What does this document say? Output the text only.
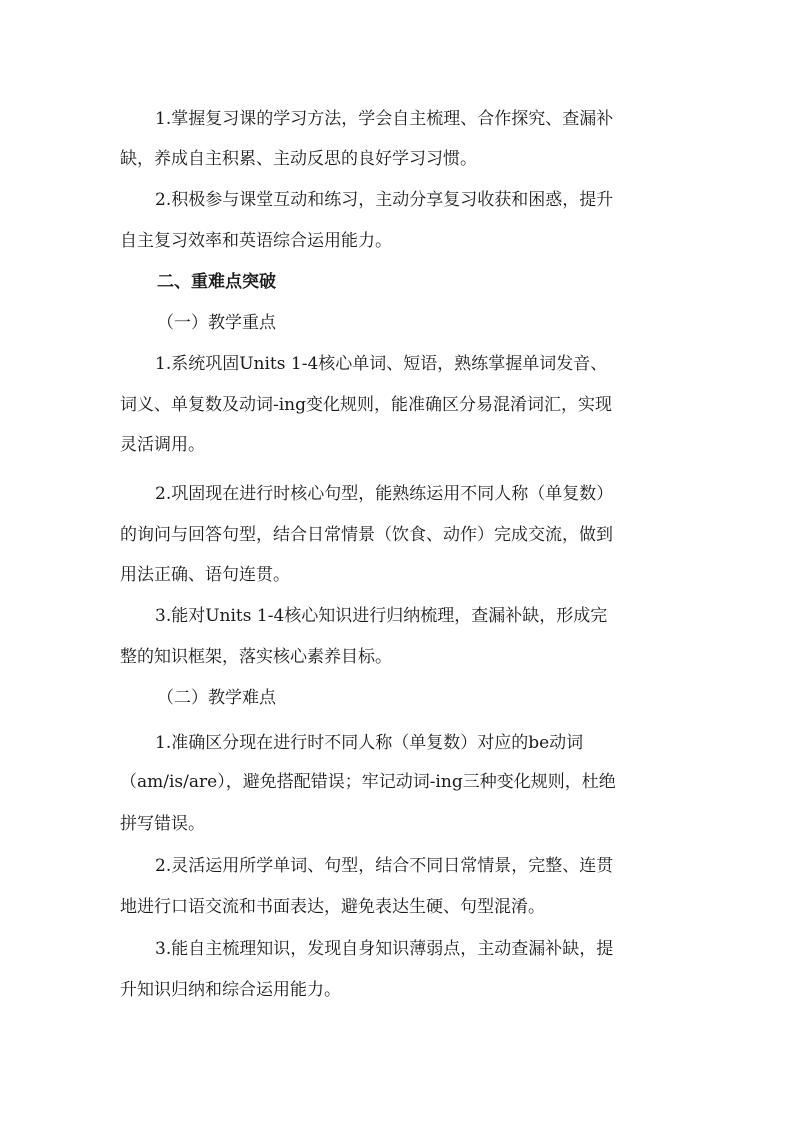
1.掌握复习课的学习方法，学会自主梳理、合作探究、查漏补
缺，养成自主积累、主动反思的良好学习习惯。
2.积极参与课堂互动和练习，主动分享复习收获和困惑，提升
自主复习效率和英语综合运用能力。
二、重难点突破
（一）教学重点
1.系统巩固Units 1-4核心单词、短语，熟练掌握单词发音、
词义、单复数及动词-ing变化规则，能准确区分易混淆词汇，实现
灵活调用。
2.巩固现在进行时核心句型，能熟练运用不同人称（单复数）
的询问与回答句型，结合日常情景（饮食、动作）完成交流，做到
用法正确、语句连贯。
3.能对Units 1-4核心知识进行归纳梳理，查漏补缺，形成完
整的知识框架，落实核心素养目标。
（二）教学难点
1.准确区分现在进行时不同人称（单复数）对应的be动词
（am/is/are），避免搭配错误；牢记动词-ing三种变化规则，杜绝
拼写错误。
2.灵活运用所学单词、句型，结合不同日常情景，完整、连贯
地进行口语交流和书面表达，避免表达生硬、句型混淆。
3.能自主梳理知识，发现自身知识薄弱点，主动查漏补缺，提
升知识归纳和综合运用能力。
